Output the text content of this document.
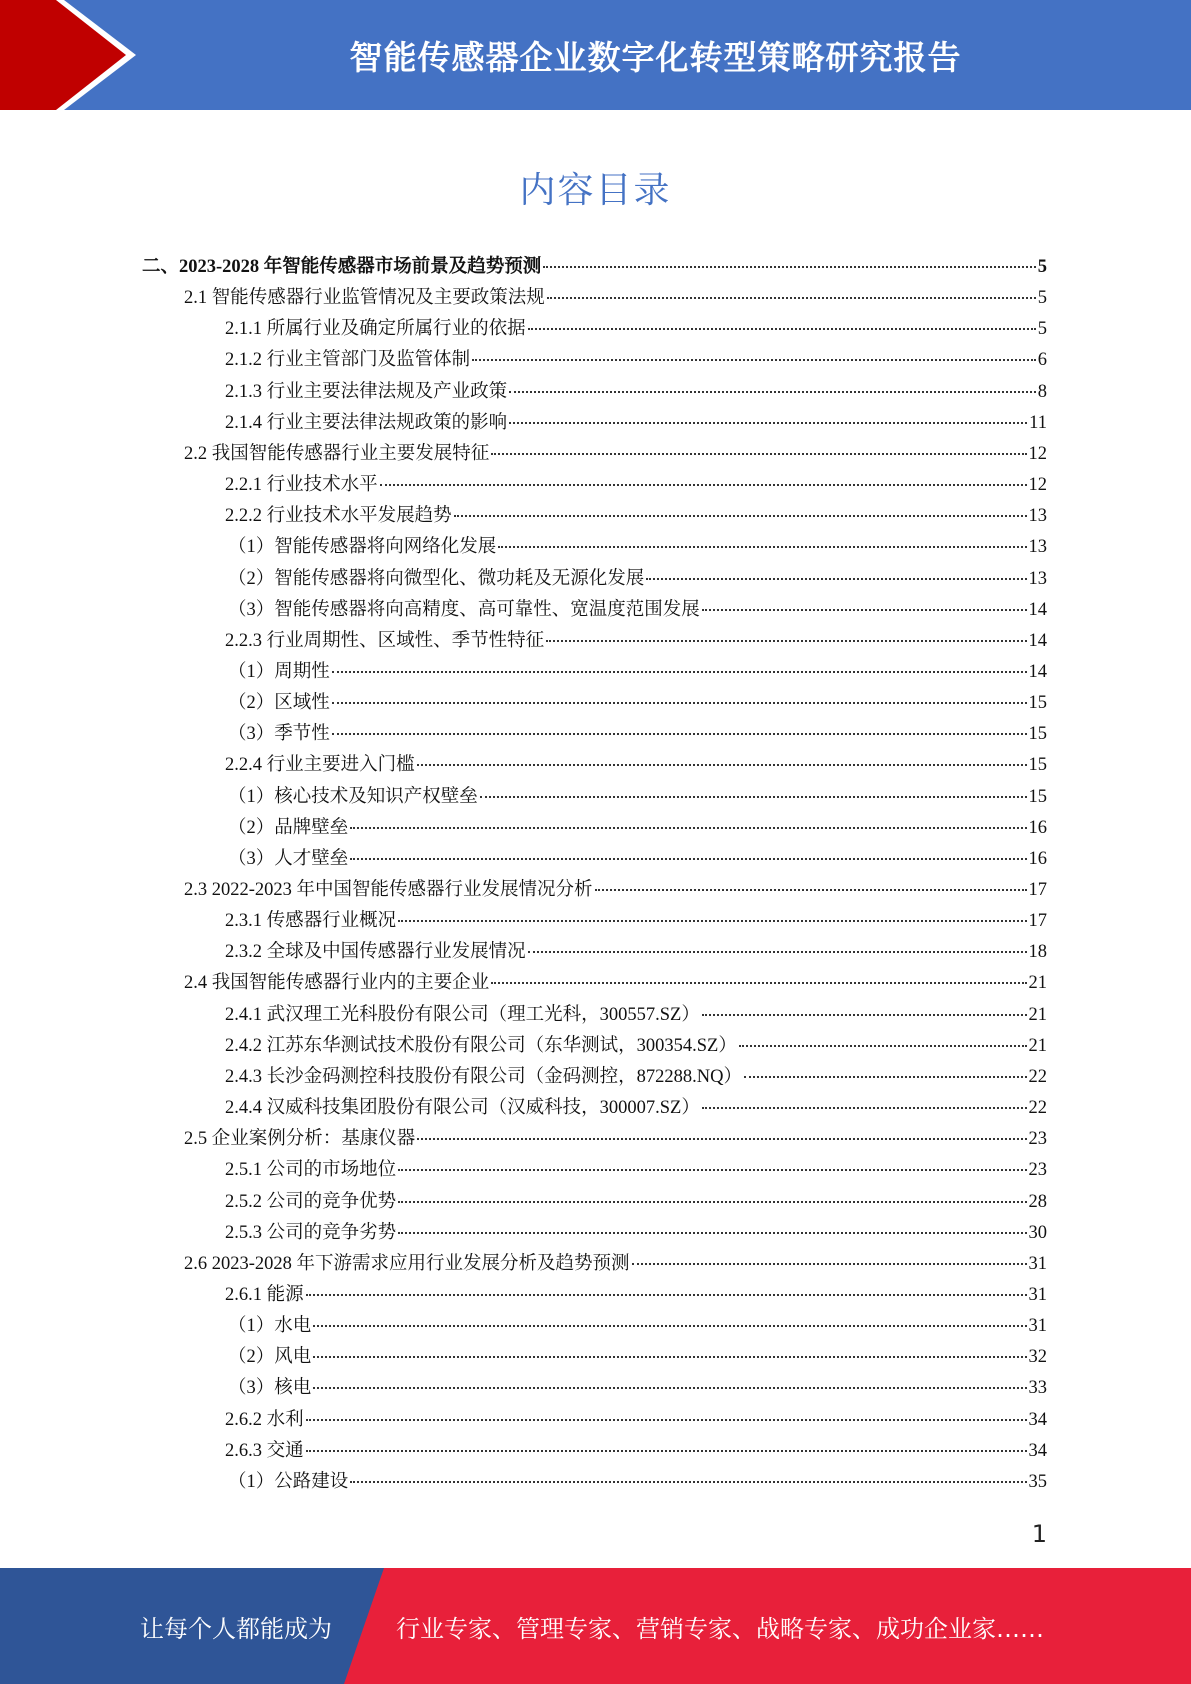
智能传感器企业数字化转型策略研究报告
内容目录
二、2023-2028 年智能传感器市场前景及趋势预测	5
2.1 智能传感器行业监管情况及主要政策法规	5
2.1.1 所属行业及确定所属行业的依据	5
2.1.2 行业主管部门及监管体制	6
2.1.3 行业主要法律法规及产业政策	8
2.1.4 行业主要法律法规政策的影响	11
2.2 我国智能传感器行业主要发展特征	12
2.2.1 行业技术水平	12
2.2.2 行业技术水平发展趋势	13
（1）智能传感器将向网络化发展	13
（2）智能传感器将向微型化、微功耗及无源化发展	13
（3）智能传感器将向高精度、高可靠性、宽温度范围发展	14
2.2.3 行业周期性、区域性、季节性特征	14
（1）周期性	14
（2）区域性	15
（3）季节性	15
2.2.4 行业主要进入门槛	15
（1）核心技术及知识产权壁垒	15
（2）品牌壁垒	16
（3）人才壁垒	16
2.3 2022-2023 年中国智能传感器行业发展情况分析	17
2.3.1 传感器行业概况	17
2.3.2 全球及中国传感器行业发展情况	18
2.4 我国智能传感器行业内的主要企业	21
2.4.1 武汉理工光科股份有限公司（理工光科，300557.SZ）	21
2.4.2 江苏东华测试技术股份有限公司（东华测试，300354.SZ）	21
2.4.3 长沙金码测控科技股份有限公司（金码测控，872288.NQ）	22
2.4.4 汉威科技集团股份有限公司（汉威科技，300007.SZ）	22
2.5 企业案例分析：基康仪器	23
2.5.1 公司的市场地位	23
2.5.2 公司的竞争优势	28
2.5.3 公司的竞争劣势	30
2.6 2023-2028 年下游需求应用行业发展分析及趋势预测	31
2.6.1 能源	31
（1）水电	31
（2）风电	32
（3）核电	33
2.6.2 水利	34
2.6.3 交通	34
（1）公路建设	35
1
让每个人都能成为	行业专家、管理专家、营销专家、战略专家、成功企业家……
